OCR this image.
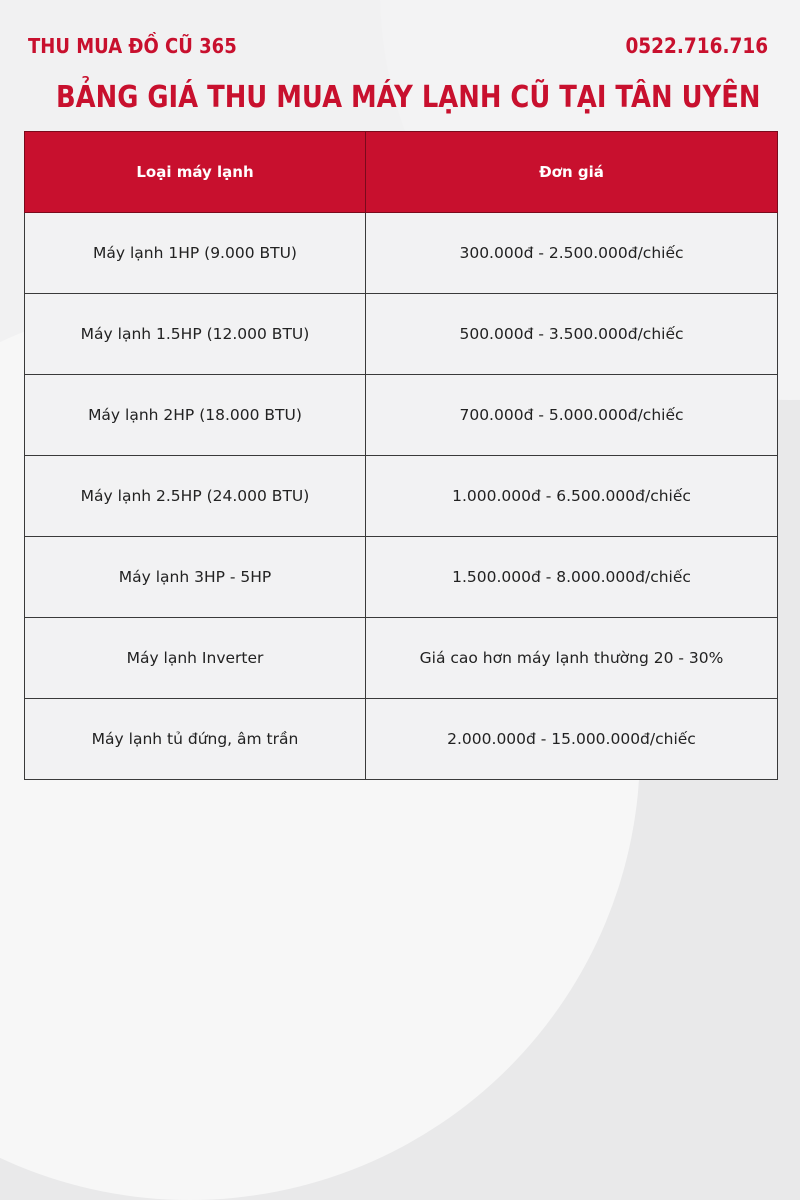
THU MUA ĐỒ CŨ 365	0522.716.716
BẢNG GIÁ THU MUA MÁY LẠNH CŨ TẠI TÂN UYÊN
Loại máy lạnh	Đơn giá
Máy lạnh 1HP (9.000 BTU)	300.000đ - 2.500.000đ/chiếc
Máy lạnh 1.5HP (12.000 BTU)	500.000đ - 3.500.000đ/chiếc
Máy lạnh 2HP (18.000 BTU)	700.000đ - 5.000.000đ/chiếc
Máy lạnh 2.5HP (24.000 BTU)	1.000.000đ - 6.500.000đ/chiếc
Máy lạnh 3HP - 5HP	1.500.000đ - 8.000.000đ/chiếc
Máy lạnh Inverter	Giá cao hơn máy lạnh thường 20 - 30%
Máy lạnh tủ đứng, âm trần	2.000.000đ - 15.000.000đ/chiếc
